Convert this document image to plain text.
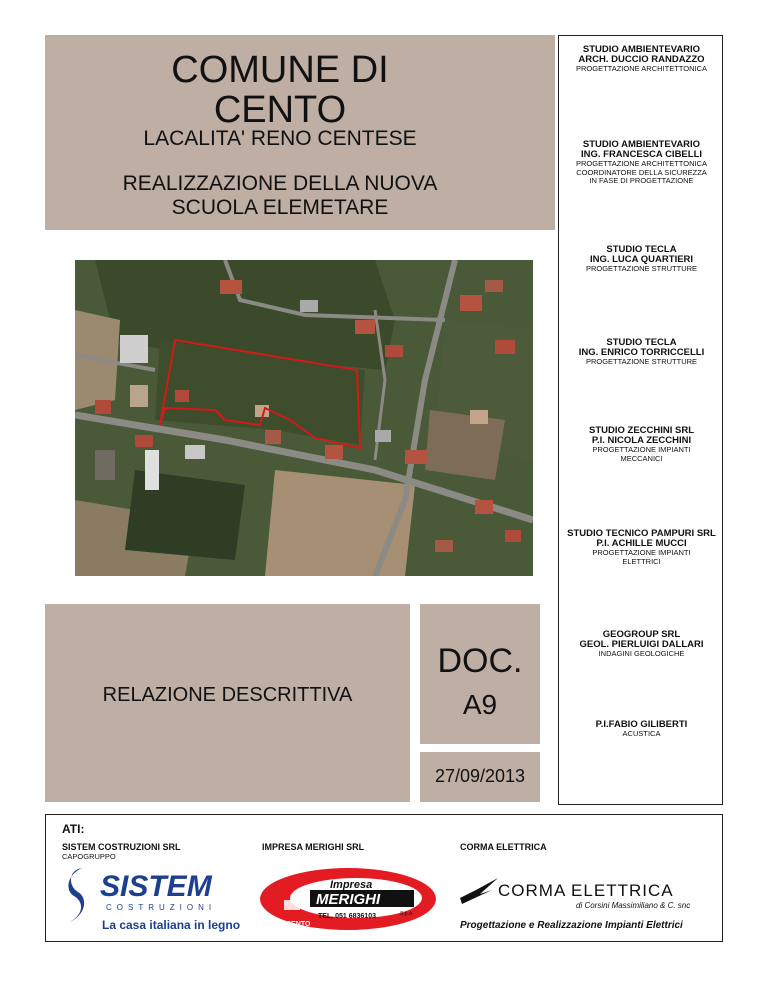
COMUNE DI
CENTO
LACALITA' RENO CENTESE
REALIZZAZIONE DELLA NUOVA
SCUOLA ELEMETARE
STUDIO AMBIENTEVARIO
ARCH. DUCCIO RANDAZZO
PROGETTAZIONE ARCHITETTONICA
STUDIO AMBIENTEVARIO
ING. FRANCESCA CIBELLI
PROGETTAZIONE ARCHITETTONICA
COORDINATORE DELLA SICUREZZA
IN FASE DI PROGETTAZIONE
STUDIO TECLA
ING. LUCA QUARTIERI
PROGETTAZIONE STRUTTURE
STUDIO TECLA
ING. ENRICO TORRICCELLI
PROGETTAZIONE STRUTTURE
STUDIO ZECCHINI SRL
P.I. NICOLA ZECCHINI
PROGETTAZIONE IMPIANTI
MECCANICI
STUDIO TECNICO PAMPURI SRL
P.I. ACHILLE MUCCI
PROGETTAZIONE IMPIANTI
ELETTRICI
GEOGROUP SRL
GEOL. PIERLUIGI DALLARI
INDAGINI GEOLOGICHE
P.I.FABIO GILIBERTI
ACUSTICA
RELAZIONE DESCRITTIVA
DOC.
A9
27/09/2013
ATI:
SISTEM COSTRUZIONI SRL
CAPOGRUPPO
IMPRESA MERIGHI SRL	CORMA ELETTRICA
SISTEM
COSTRUZIONI
La casa italiana in legno
Impresa
MERIGHI
S.p.A.
TEL. 051 6836103
CENTO
CORMA ELETTRICA
di Corsini Massimiliano & C. snc
Progettazione e Realizzazione Impianti Elettrici
